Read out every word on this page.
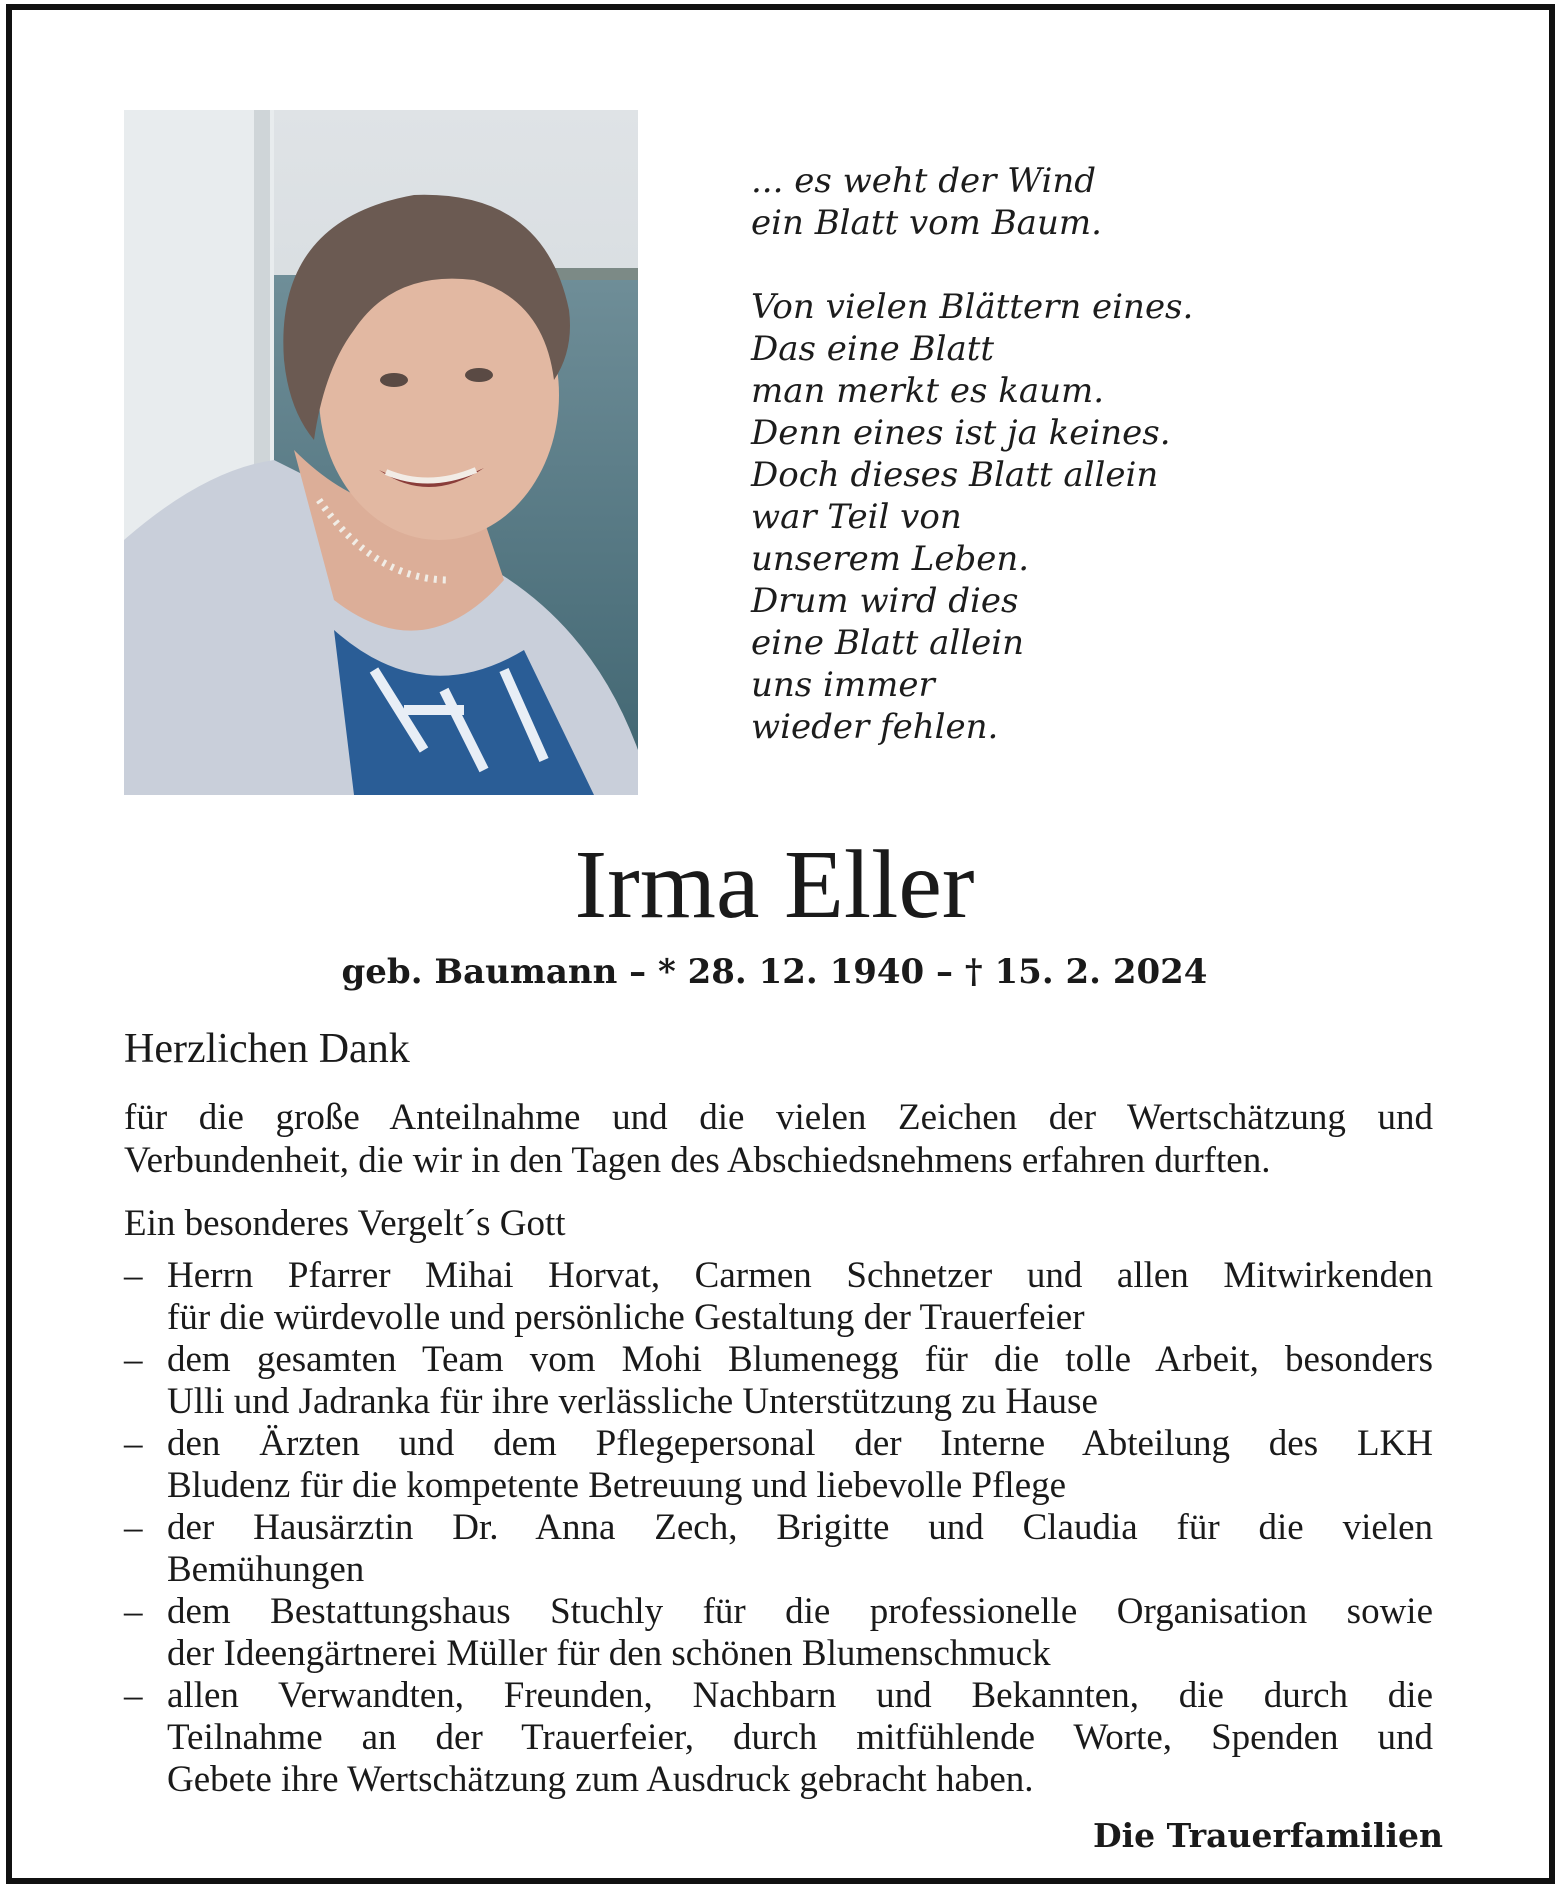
... es weht der Wind
ein Blatt vom Baum.
Von vielen Blättern eines.
Das eine Blatt
man merkt es kaum.
Denn eines ist ja keines.
Doch dieses Blatt allein
war Teil von
unserem Leben.
Drum wird dies
eine Blatt allein
uns immer
wieder fehlen.
Irma Eller
geb. Baumann – * 28. 12. 1940 – † 15. 2. 2024
Herzlichen Dank
für die große Anteilnahme und die vielen Zeichen der Wertschätzung und
Verbundenheit, die wir in den Tagen des Abschiedsnehmens erfahren durften.
Ein besonderes Vergelt´s Gott
– Herrn Pfarrer Mihai Horvat, Carmen Schnetzer und allen Mitwirkenden
für die würdevolle und persönliche Gestaltung der Trauerfeier
– dem gesamten Team vom Mohi Blumenegg für die tolle Arbeit, besonders
Ulli und Jadranka für ihre verlässliche Unterstützung zu Hause
– den Ärzten und dem Pflegepersonal der Interne Abteilung des LKH
Bludenz für die kompetente Betreuung und liebevolle Pflege
– der Hausärztin Dr. Anna Zech, Brigitte und Claudia für die vielen
Bemühungen
– dem Bestattungshaus Stuchly für die professionelle Organisation sowie
der Ideengärtnerei Müller für den schönen Blumenschmuck
– allen Verwandten, Freunden, Nachbarn und Bekannten, die durch die
Teilnahme an der Trauerfeier, durch mitfühlende Worte, Spenden und
Gebete ihre Wertschätzung zum Ausdruck gebracht haben.
Die Trauerfamilien
